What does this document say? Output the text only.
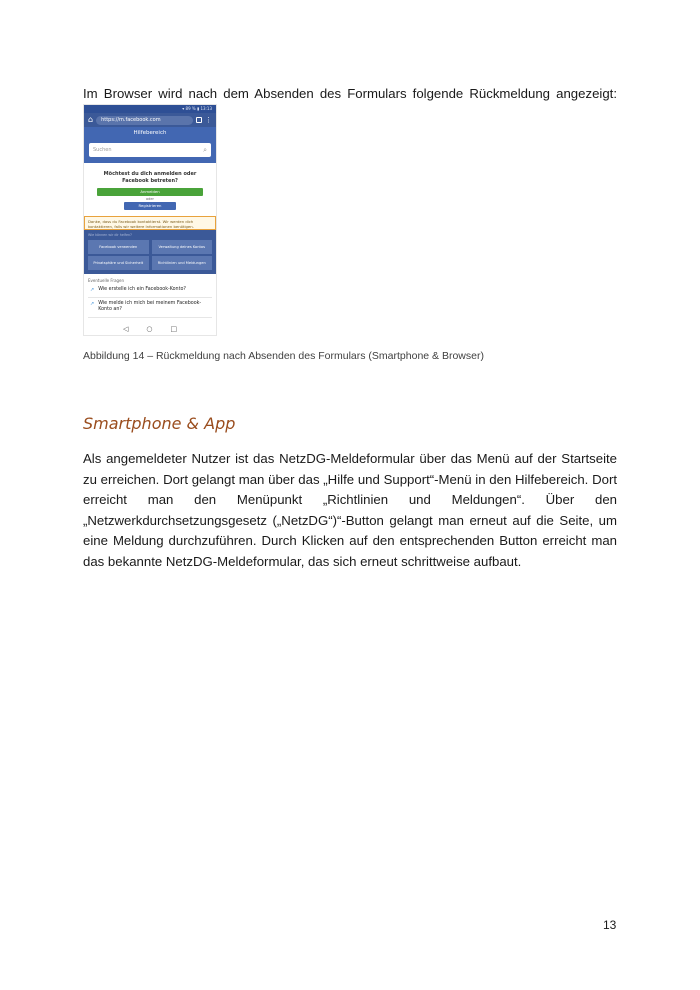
Im Browser wird nach dem Absenden des Formulars folgende Rückmeldung angezeigt:

▾ 89 % ▮ 13:13
⌂	https://m.facebook.com	⋮
Hilfebereich
Suchen	⌕
Möchtest du dich anmelden oder Facebook betreten?
Anmelden
oder
Registrieren
Danke, dass du Facebook kontaktierst. Wir werden dich kontaktieren, falls wir weitere Informationen benötigen.
Wie können wir dir helfen?
Facebook verwenden	Verwaltung deines Kontos
Privatsphäre und Sicherheit	Richtlinien und Meldungen
Eventuelle Fragen
↗ Wie erstelle ich ein Facebook-Konto?
↗ Wie melde ich mich bei meinem Facebook-Konto an?
◁	○	□

Abbildung 14 – Rückmeldung nach Absenden des Formulars (Smartphone & Browser)

Smartphone & App

Als angemeldeter Nutzer ist das NetzDG-Meldeformular über das Menü auf der Startseite zu erreichen. Dort gelangt man über das „Hilfe und Support“-Menü in den Hilfebereich. Dort erreicht man den Menüpunkt „Richtlinien und Meldungen“. Über den „Netzwerkdurchsetzungsgesetz („NetzDG“)“-Button gelangt man erneut auf die Seite, um eine Meldung durchzuführen. Durch Klicken auf den entsprechenden Button erreicht man das bekannte NetzDG-Meldeformular, das sich erneut schrittweise aufbaut.

13
